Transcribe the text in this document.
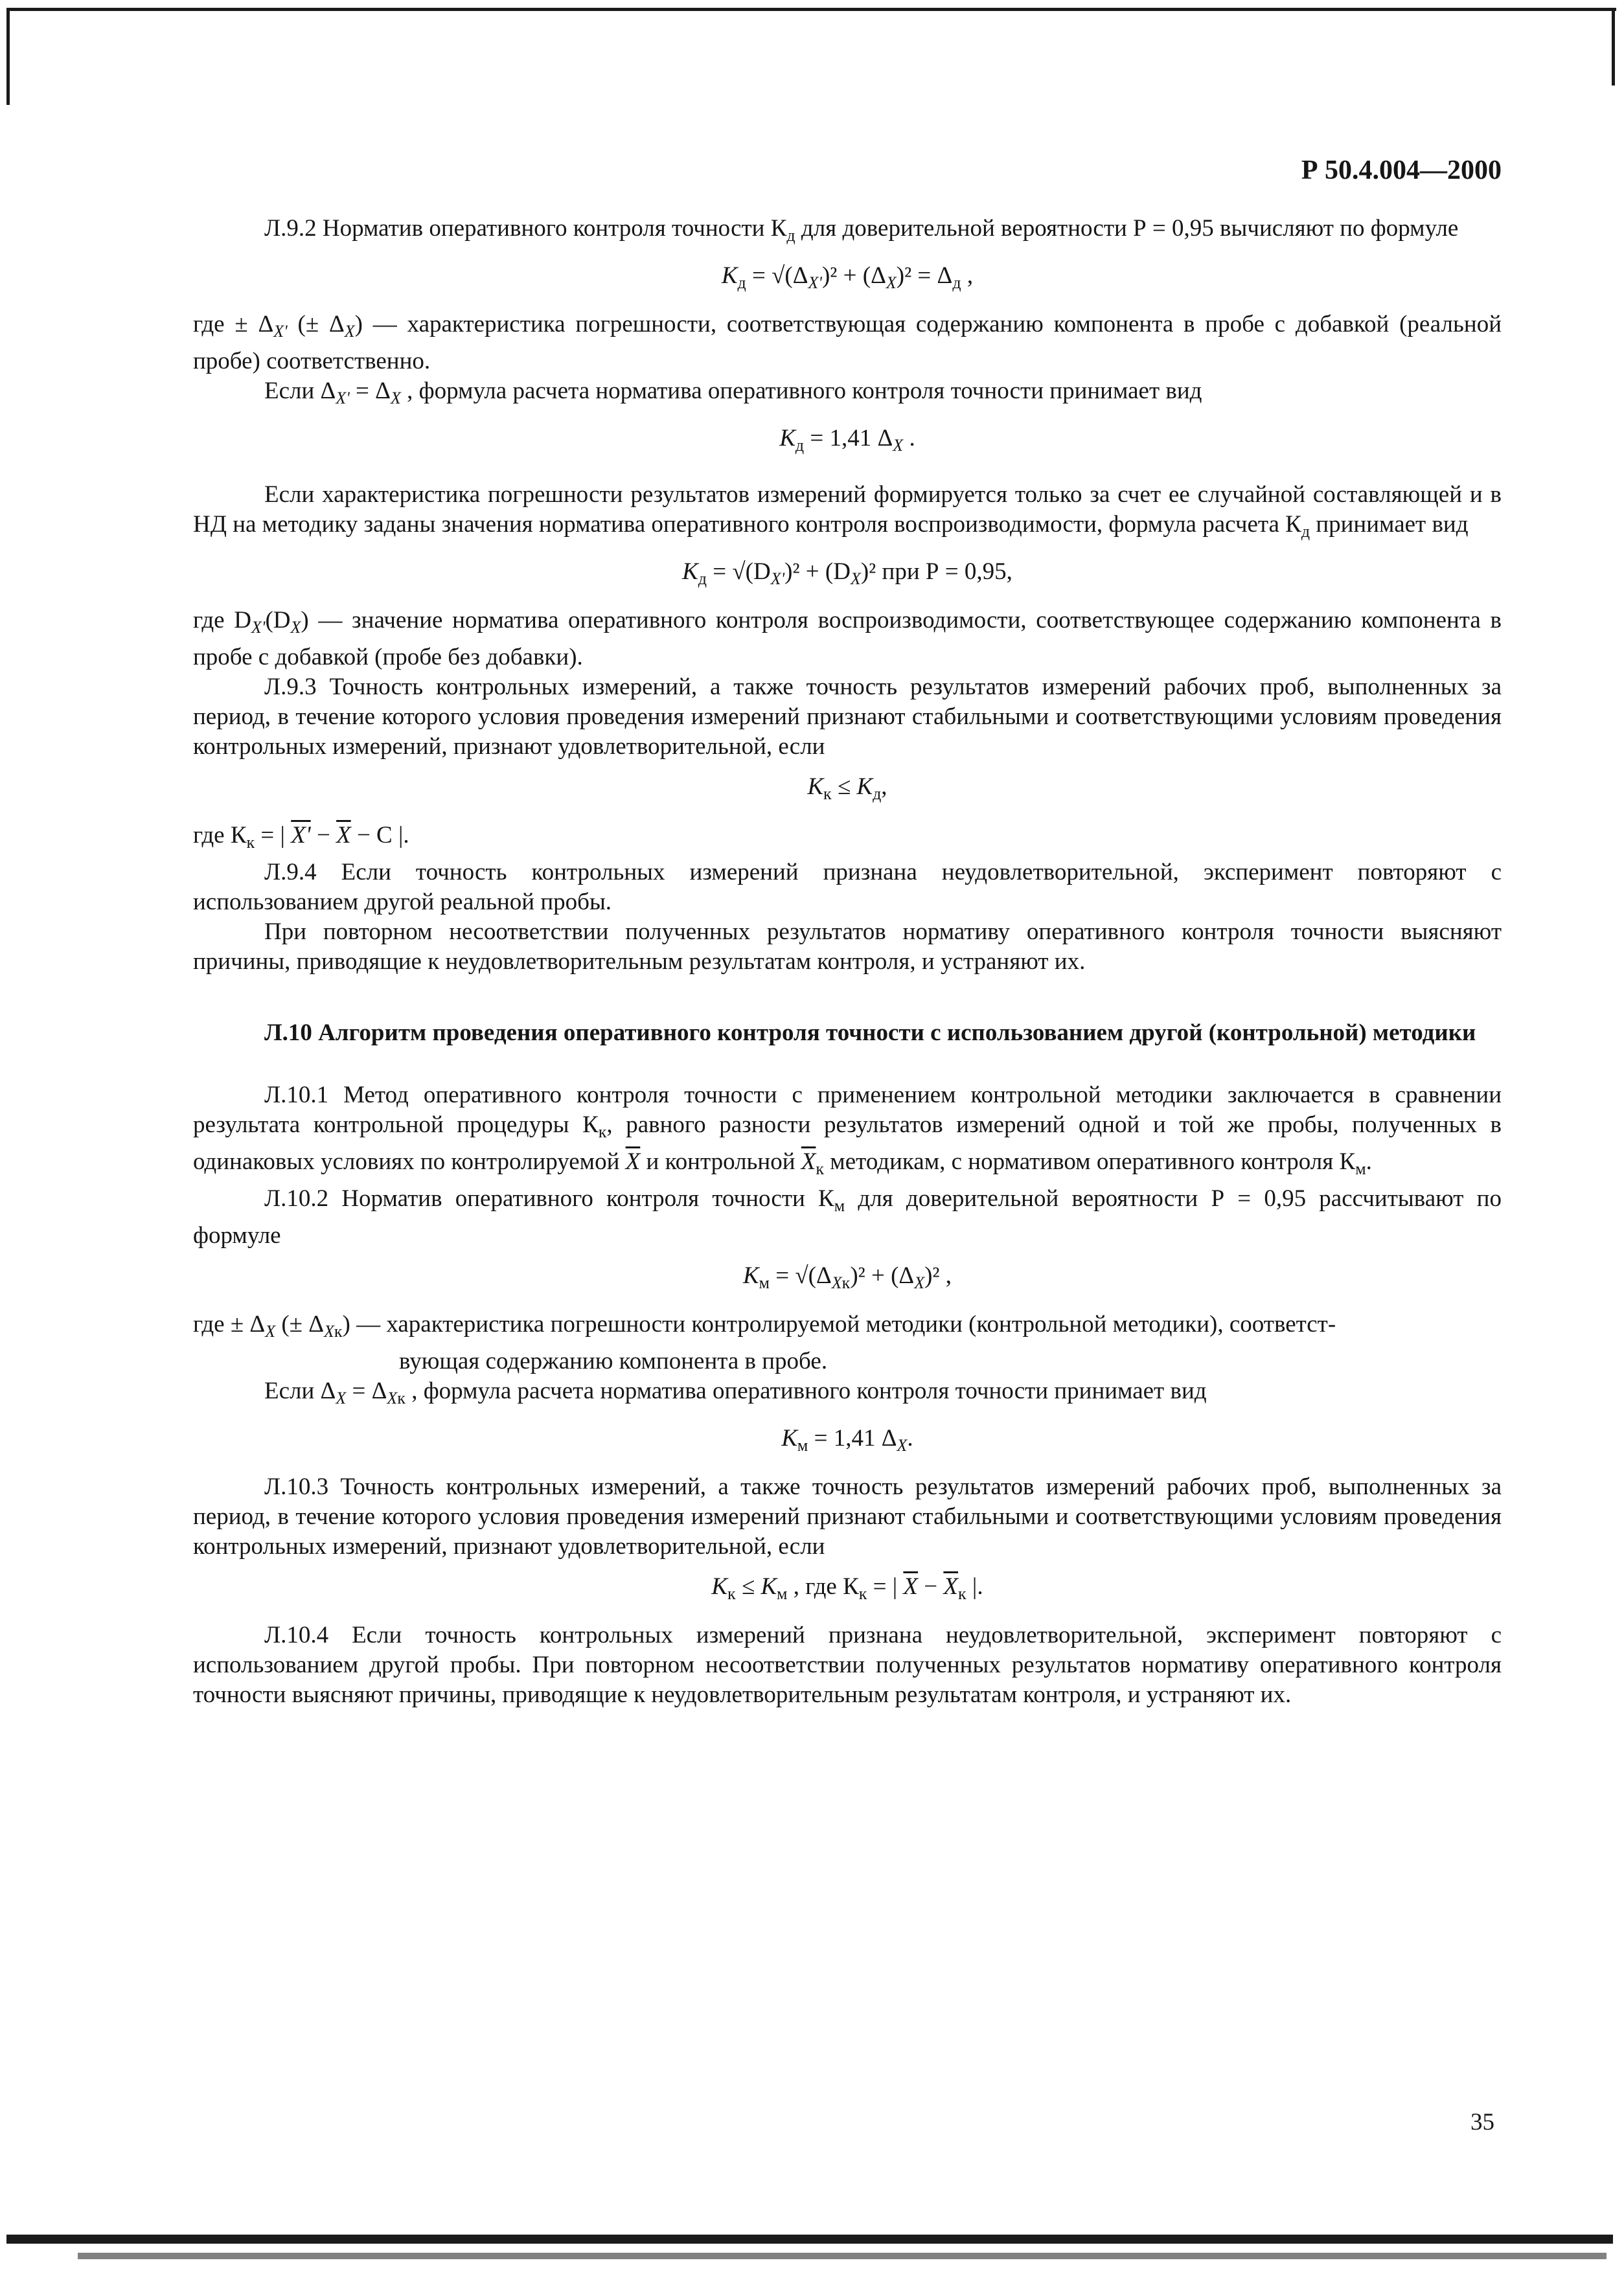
Р 50.4.004—2000

Л.9.2 Норматив оперативного контроля точности $К_д$ для доверительной вероятности Р = 0,95 вычисляют по формуле

$К_д = √(\Delta_{X'})^2 + (\Delta_X)^2 = \Delta_д$ ,

где ± $\Delta_{X'}$ (± $\Delta_X$) — характеристика погрешности, соответствующая содержанию компонента в пробе с добавкой (реальной пробе) соответственно.

Если $\Delta_{X'} = \Delta_X$ , формула расчета норматива оперативного контроля точности принимает вид

$К_д = 1,41$ $\Delta_X$ .

Если характеристика погрешности результатов измерений формируется только за счет ее случайной составляющей и в НД на методику заданы значения норматива оперативного контроля воспроизводимости, формула расчета $К_д$ принимает вид

$К_д = √(D_{X'})^2 + (D_X)^2$ при Р = 0,95,

где $D_{X'}(D_X)$ — значение норматива оперативного контроля воспроизводимости, соответствующее содержанию компонента в пробе с добавкой (пробе без добавки).

Л.9.3 Точность контрольных измерений, а также точность результатов измерений рабочих проб, выполненных за период, в течение которого условия проведения измерений признают стабильными и соответствующими условиям проведения контрольных измерений, признают удовлетворительной, если

$К_к \le К_д$,

где $К_к$ = | $X' - \overline{X} - С$ |.

Л.9.4 Если точность контрольных измерений признана неудовлетворительной, эксперимент повторяют с использованием другой реальной пробы.

При повторном несоответствии полученных результатов нормативу оперативного контроля точности выясняют причины, приводящие к неудовлетворительным результатам контроля, и устраняют их.

Л.10 Алгоритм проведения оперативного контроля точности с использованием другой (контрольной) методики

Л.10.1 Метод оперативного контроля точности с применением контрольной методики заключается в сравнении результата контрольной процедуры $К_к$, равного разности результатов измерений одной и той же пробы, полученных в одинаковых условиях по контролируемой $\overline{X}$ и контрольной $\overline{X}_к$ методикам, с нормативом оперативного контроля $К_м$.

Л.10.2 Норматив оперативного контроля точности $К_м$ для доверительной вероятности Р = 0,95 рассчитывают по формуле

$К_м = √(\Delta_{Xк})^2 + (\Delta_X)^2$ ,

где ± $\Delta_X$ (± $\Delta_{Xк}$) — характеристика погрешности контролируемой методики (контрольной методики), соответст-

вующая содержанию компонента в пробе.

Если $\Delta_X = \Delta_{Xк}$ , формула расчета норматива оперативного контроля точности принимает вид

$К_м = 1,41$ $\Delta_X$.

Л.10.3 Точность контрольных измерений, а также точность результатов измерений рабочих проб, выполненных за период, в течение которого условия проведения измерений признают стабильными и соответствующими условиям проведения контрольных измерений, признают удовлетворительной, если

$К_к \le К_м$ , где $К_к$ = | $\overline{X} - \overline{X}_к$ |.

Л.10.4 Если точность контрольных измерений признана неудовлетворительной, эксперимент повторяют с использованием другой пробы. При повторном несоответствии полученных результатов нормативу оперативного контроля точности выясняют причины, приводящие к неудовлетворительным результатам контроля, и устраняют их.

35
